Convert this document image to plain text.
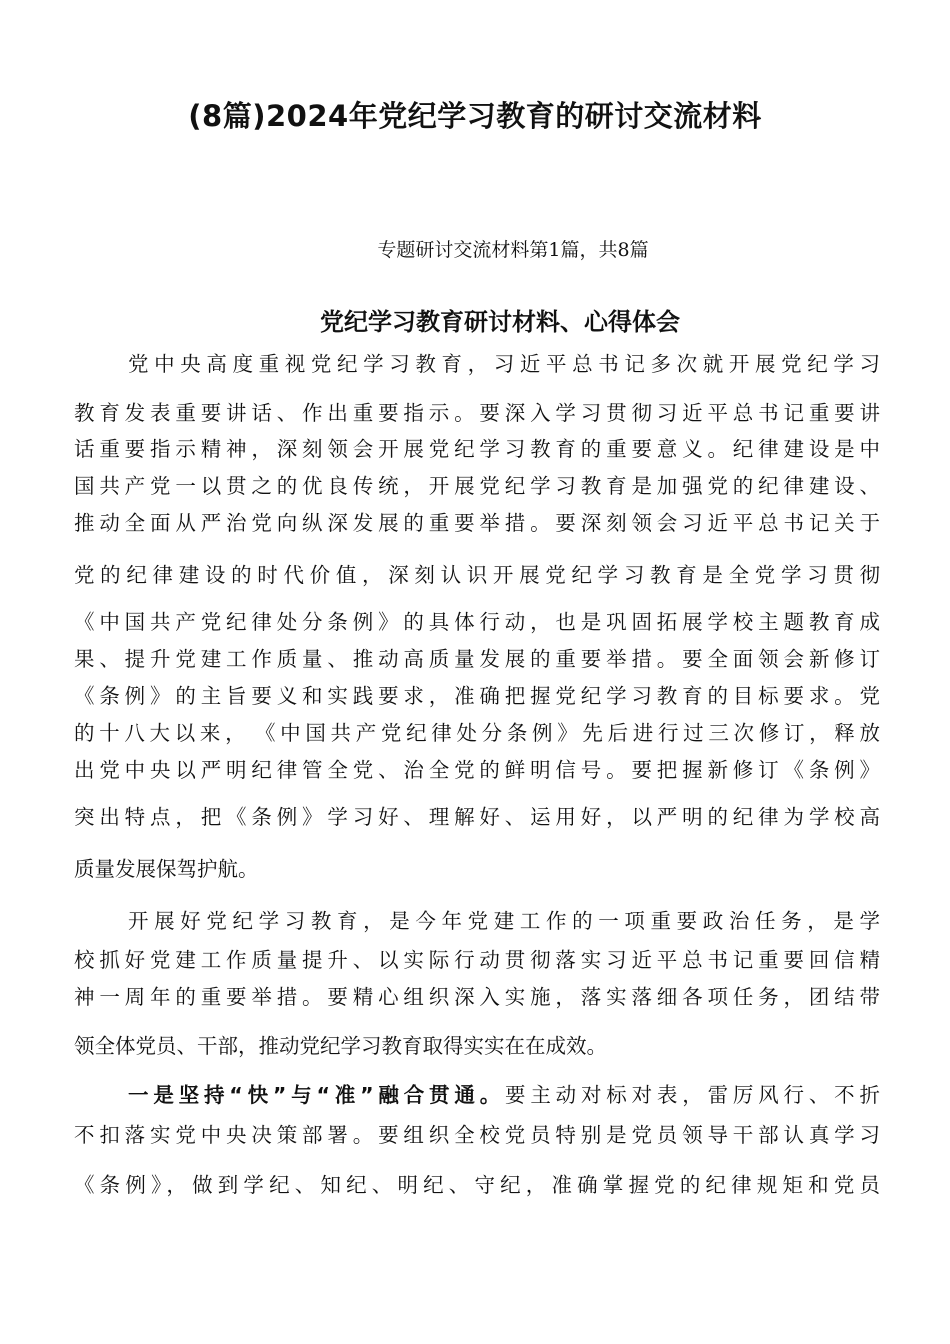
(8篇)2024年党纪学习教育的研讨交流材料
专题研讨交流材料第1篇，共8篇
党纪学习教育研讨材料、心得体会
党中央高度重视党纪学习教育，习近平总书记多次就开展党纪学习
教育发表重要讲话、作出重要指示。要深入学习贯彻习近平总书记重要讲
话重要指示精神，深刻领会开展党纪学习教育的重要意义。纪律建设是中
国共产党一以贯之的优良传统，开展党纪学习教育是加强党的纪律建设、
推动全面从严治党向纵深发展的重要举措。要深刻领会习近平总书记关于
党的纪律建设的时代价值，深刻认识开展党纪学习教育是全党学习贯彻
《中国共产党纪律处分条例》的具体行动，也是巩固拓展学校主题教育成
果、提升党建工作质量、推动高质量发展的重要举措。要全面领会新修订
《条例》的主旨要义和实践要求，准确把握党纪学习教育的目标要求。党
的十八大以来，　《中国共产党纪律处分条例》先后进行过三次修订，释放
出党中央以严明纪律管全党、治全党的鲜明信号。要把握新修订《条例》
突出特点，把《条例》学习好、理解好、运用好，以严明的纪律为学校高
质量发展保驾护航。
开展好党纪学习教育，是今年党建工作的一项重要政治任务，是学
校抓好党建工作质量提升、以实际行动贯彻落实习近平总书记重要回信精
神一周年的重要举措。要精心组织深入实施，落实落细各项任务，团结带
领全体党员、干部，推动党纪学习教育取得实实在在成效。
一是坚持“快”与“准”融合贯通。要主动对标对表，雷厉风行、不折
不扣落实党中央决策部署。要组织全校党员特别是党员领导干部认真学习
《条例》，做到学纪、知纪、明纪、守纪，准确掌握党的纪律规矩和党员
